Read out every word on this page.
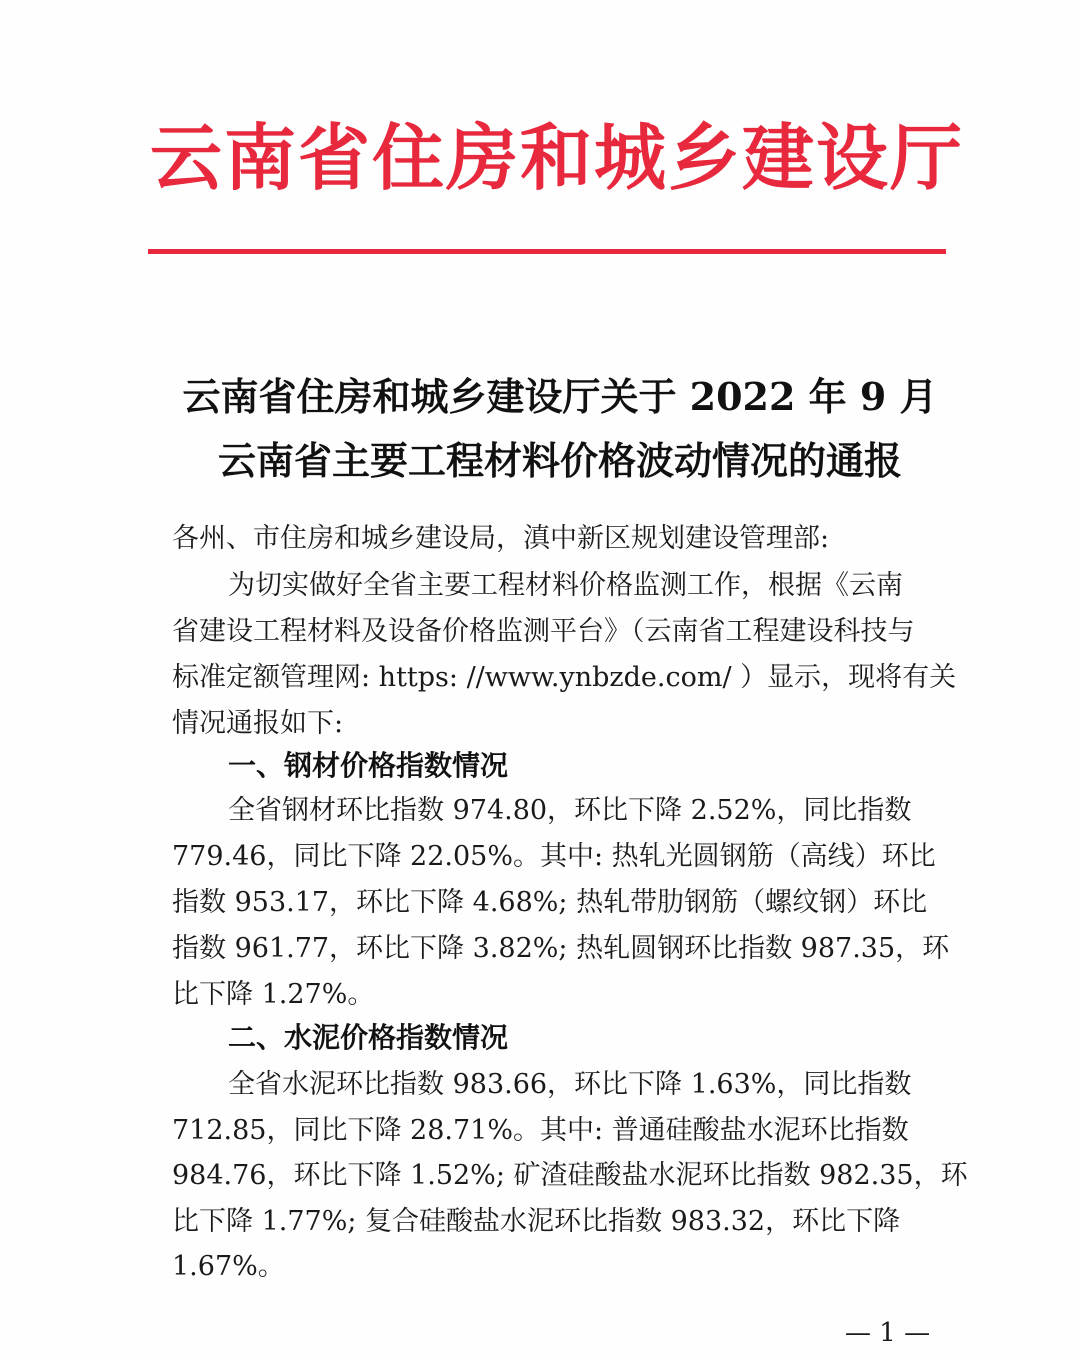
云南省住房和城乡建设厅
云南省住房和城乡建设厅关于 2022 年 9 月
云南省主要工程材料价格波动情况的通报
各州、市住房和城乡建设局，滇中新区规划建设管理部:
为切实做好全省主要工程材料价格监测工作，根据《云南
省建设工程材料及设备价格监测平台》（云南省工程建设科技与
标准定额管理网: https: //www.ynbzde.com/ ）显示，现将有关
情况通报如下:
一、钢材价格指数情况
全省钢材环比指数 974.80，环比下降 2.52%，同比指数
779.46，同比下降 22.05%。其中: 热轧光圆钢筋（高线）环比
指数 953.17，环比下降 4.68%; 热轧带肋钢筋（螺纹钢）环比
指数 961.77，环比下降 3.82%; 热轧圆钢环比指数 987.35，环
比下降 1.27%。
二、水泥价格指数情况
全省水泥环比指数 983.66，环比下降 1.63%，同比指数
712.85，同比下降 28.71%。其中: 普通硅酸盐水泥环比指数
984.76，环比下降 1.52%; 矿渣硅酸盐水泥环比指数 982.35，环
比下降 1.77%; 复合硅酸盐水泥环比指数 983.32，环比下降
1.67%。
— 1 —
